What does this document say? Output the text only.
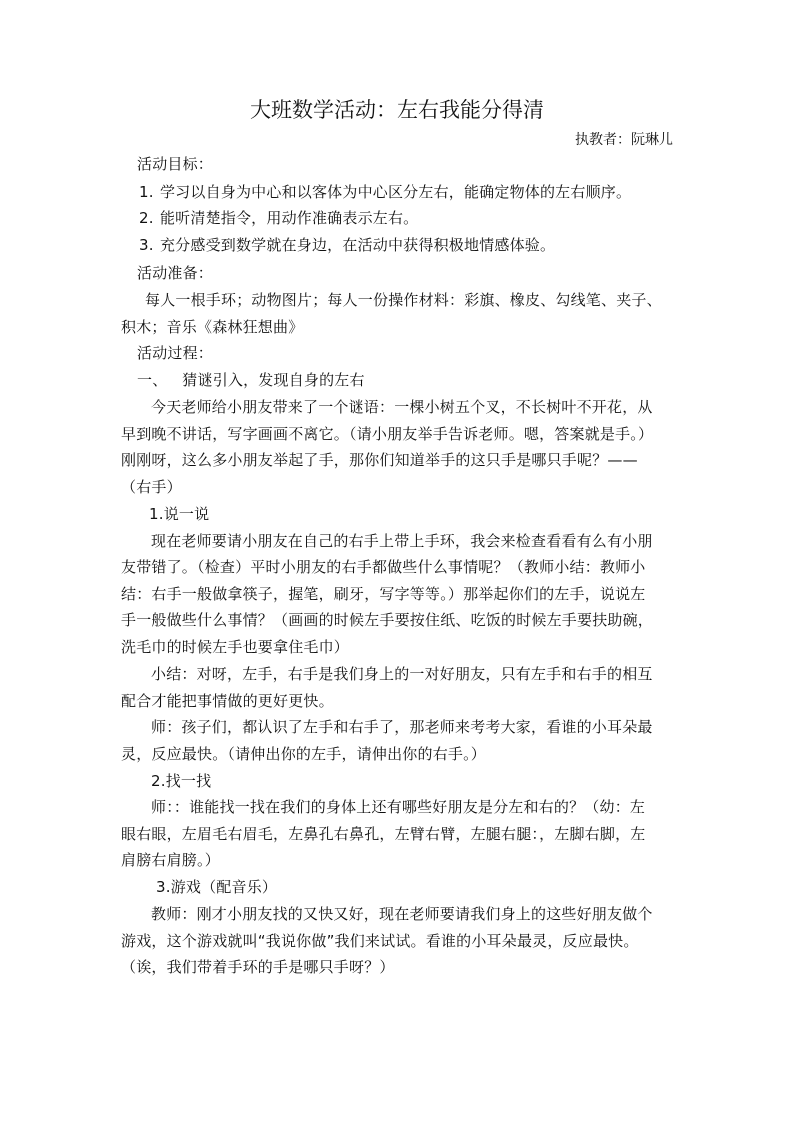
大班数学活动：左右我能分得清
执教者：阮琳儿
活动目标：
1. 学习以自身为中心和以客体为中心区分左右，能确定物体的左右顺序。
2. 能听清楚指令，用动作准确表示左右。
3. 充分感受到数学就在身边，在活动中获得积极地情感体验。
活动准备：
每人一根手环；动物图片；每人一份操作材料：彩旗、橡皮、勾线笔、夹子、
积木；音乐《森林狂想曲》
活动过程：
一、   猜谜引入，发现自身的左右
今天老师给小朋友带来了一个谜语：一棵小树五个叉，不长树叶不开花，从
早到晚不讲话，写字画画不离它。（请小朋友举手告诉老师。嗯，答案就是手。）
刚刚呀，这么多小朋友举起了手，那你们知道举手的这只手是哪只手呢？——
（右手）
1.说一说
现在老师要请小朋友在自己的右手上带上手环，我会来检查看看有么有小朋
友带错了。（检查）平时小朋友的右手都做些什么事情呢？（教师小结：教师小
结：右手一般做拿筷子，握笔，刷牙，写字等等。）那举起你们的左手，说说左
手一般做些什么事情？（画画的时候左手要按住纸、吃饭的时候左手要扶助碗，
洗毛巾的时候左手也要拿住毛巾）
小结：对呀，左手，右手是我们身上的一对好朋友，只有左手和右手的相互
配合才能把事情做的更好更快。
师：孩子们，都认识了左手和右手了，那老师来考考大家，看谁的小耳朵最
灵，反应最快。（请伸出你的左手，请伸出你的右手。）
2.找一找
师：：谁能找一找在我们的身体上还有哪些好朋友是分左和右的？（幼：左
眼右眼，左眉毛右眉毛，左鼻孔右鼻孔，左臂右臂，左腿右腿：，左脚右脚，左
肩膀右肩膀。）
3.游戏（配音乐）
教师：刚才小朋友找的又快又好，现在老师要请我们身上的这些好朋友做个
游戏，这个游戏就叫“我说你做”我们来试试。看谁的小耳朵最灵，反应最快。
（诶，我们带着手环的手是哪只手呀？）
